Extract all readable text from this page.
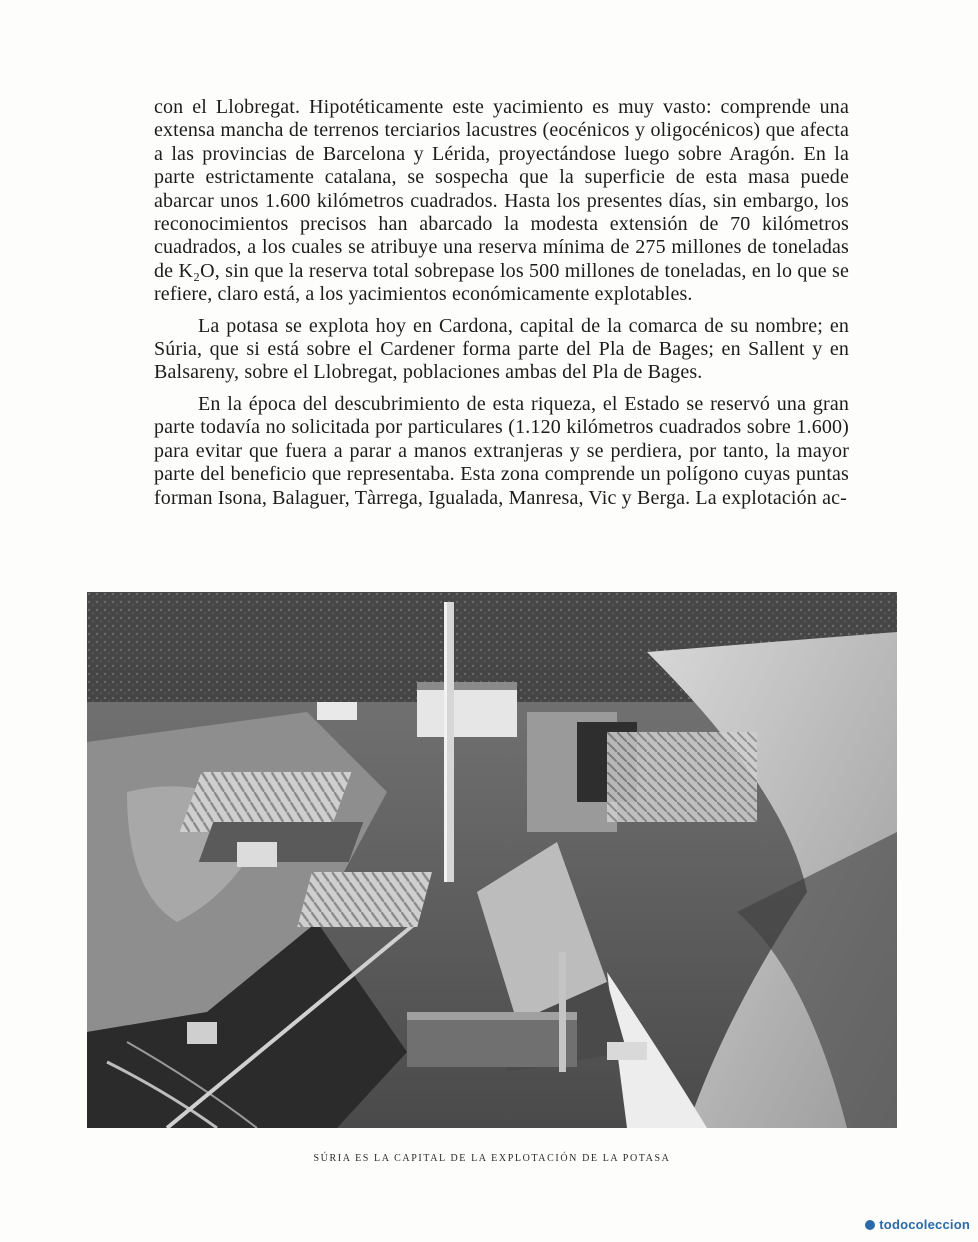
con el Llobregat. Hipotéticamente este yacimiento es muy vasto: comprende una extensa mancha de terrenos terciarios lacustres (eocénicos y oligocénicos) que afecta a las provincias de Barcelona y Lérida, proyectándose luego sobre Aragón. En la parte estrictamente catalana, se sospecha que la superficie de esta masa puede abarcar unos 1.600 kilómetros cuadrados. Hasta los presentes días, sin embargo, los reconocimientos precisos han abarcado la modesta extensión de 70 kilómetros cuadrados, a los cuales se atribuye una reserva mínima de 275 millones de toneladas de K₂O, sin que la reserva total sobrepase los 500 millones de toneladas, en lo que se refiere, claro está, a los yacimientos económicamente explotables.

La potasa se explota hoy en Cardona, capital de la comarca de su nombre; en Súria, que si está sobre el Cardener forma parte del Pla de Bages; en Sallent y en Balsareny, sobre el Llobregat, poblaciones ambas del Pla de Bages.

En la época del descubrimiento de esta riqueza, el Estado se reservó una gran parte todavía no solicitada por particulares (1.120 kilómetros cuadrados sobre 1.600) para evitar que fuera a parar a manos extranjeras y se perdiera, por tanto, la mayor parte del beneficio que representaba. Esta zona comprende un polígono cuyas puntas forman Isona, Balaguer, Tàrrega, Igualada, Manresa, Vic y Berga. La explotación ac-

SÚRIA ES LA CAPITAL DE LA EXPLOTACIÓN DE LA POTASA
todocoleccion
